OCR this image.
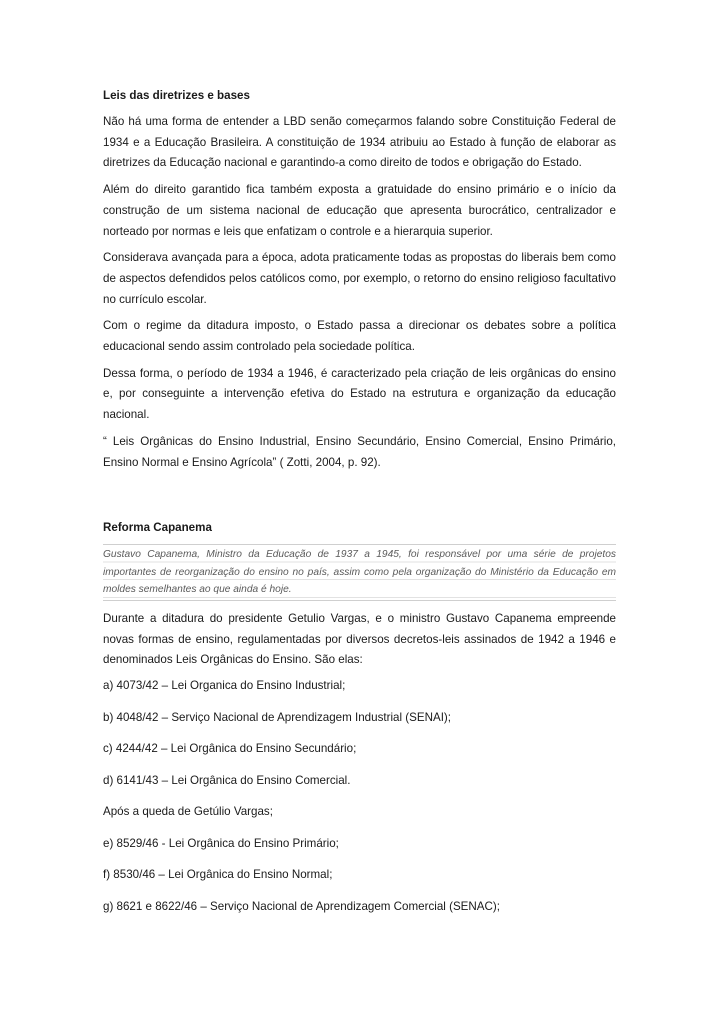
Leis das diretrizes e bases

Não há uma forma de entender a LBD senão começarmos falando sobre Constituição Federal de 1934 e a Educação Brasileira. A constituição de 1934 atribuiu ao Estado à função de elaborar as diretrizes da Educação nacional e garantindo-a como direito de todos e obrigação do Estado.

Além do direito garantido fica também exposta a gratuidade do ensino primário e o início da construção de um sistema nacional de educação que apresenta burocrático, centralizador e norteado por normas e leis que enfatizam o controle e a hierarquia superior.

Considerava avançada para a época, adota praticamente todas as propostas do liberais bem como de aspectos defendidos pelos católicos como, por exemplo, o retorno do ensino religioso facultativo no currículo escolar.

Com o regime da ditadura imposto, o Estado passa a direcionar os debates sobre a política educacional sendo assim controlado pela sociedade política.

Dessa forma, o período de 1934 a 1946, é caracterizado pela criação de leis orgânicas do ensino e, por conseguinte a intervenção efetiva do Estado na estrutura e organização da educação nacional.

“ Leis Orgânicas do Ensino Industrial, Ensino Secundário, Ensino Comercial, Ensino Primário, Ensino Normal e Ensino Agrícola” ( Zotti, 2004, p. 92).

Reforma Capanema
Gustavo Capanema, Ministro da Educação de 1937 a 1945, foi responsável por uma série de projetos importantes de reorganização do ensino no país, assim como pela organização do Ministério da Educação em moldes semelhantes ao que ainda é hoje.

Durante a ditadura do presidente Getulio Vargas, e o ministro Gustavo Capanema empreende novas formas de ensino, regulamentadas por diversos decretos-leis assinados de 1942 a 1946 e denominados Leis Orgânicas do Ensino. São elas:

a) 4073/42 – Lei Organica do Ensino Industrial;
b) 4048/42 – Serviço Nacional de Aprendizagem Industrial (SENAI);
c) 4244/42 – Lei Orgânica do Ensino Secundário;
d) 6141/43 – Lei Orgânica do Ensino Comercial.
Após a queda de Getúlio Vargas;
e) 8529/46 - Lei Orgânica do Ensino Primário;
f) 8530/46 – Lei Orgânica do Ensino Normal;
g) 8621 e 8622/46 – Serviço Nacional de Aprendizagem Comercial (SENAC);
